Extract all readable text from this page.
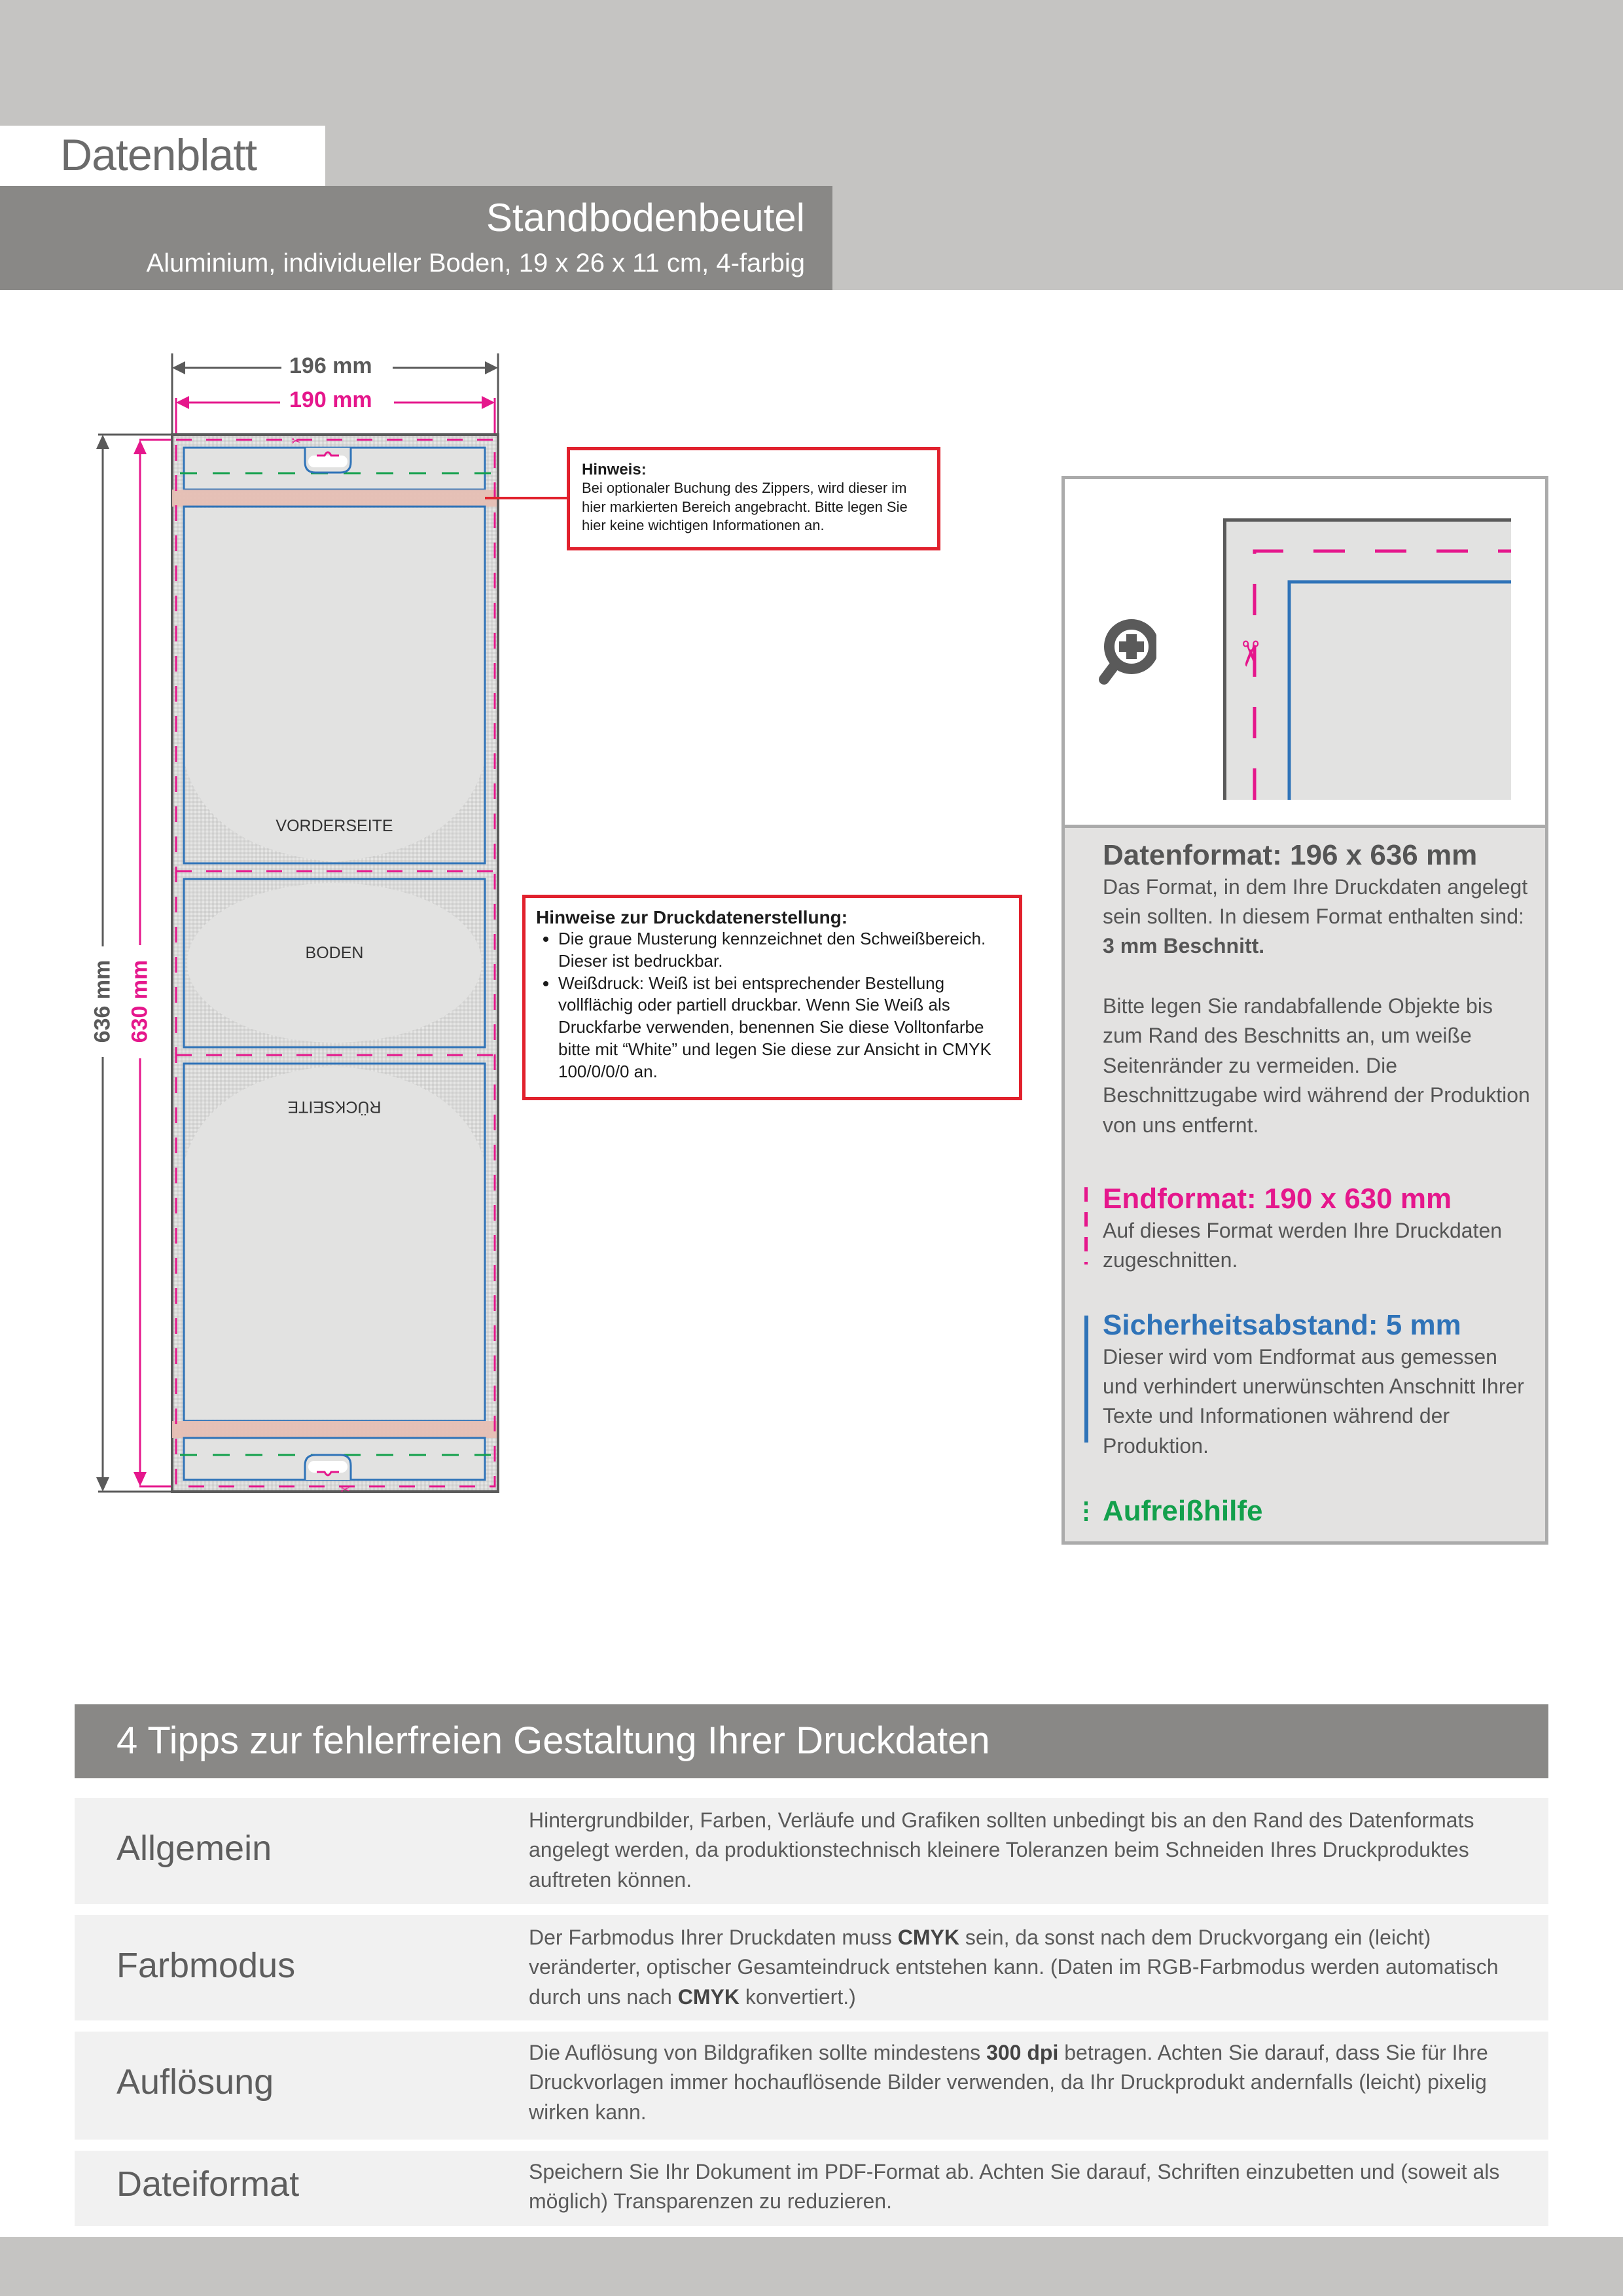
Datenblatt
Standbodenbeutel
Aluminium, individueller Boden, 19 x 26 x 11 cm, 4-farbig
✂
✂
196 mm
190 mm
636 mm 630 mm
VORDERSEITE
BODEN
RÜCKSEITE
Hinweis:

Bei optionaler Buchung des Zippers, wird dieser im hier markierten Bereich angebracht. Bitte legen Sie hier keine wichtigen Informationen an.

Hinweise zur Druckdatenerstellung:
• Die graue Musterung kennzeichnet den Schweißbereich. Dieser ist bedruckbar.
• Weißdruck: Weiß ist bei entsprechender Bestellung vollflächig oder partiell druckbar. Wenn Sie Weiß als Druckfarbe verwenden, benennen Sie diese Volltonfarbe bitte mit “White” und legen Sie diese zur Ansicht in CMYK 100/0/0/0 an.
✂
Datenformat: 196 x 636 mm

Das Format, in dem Ihre Druckdaten angelegt sein sollten. In diesem Format enthalten sind: 3 mm Beschnitt.

Bitte legen Sie randabfallende Objekte bis zum Rand des Beschnitts an, um weiße Seitenränder zu vermeiden. Die Beschnittzugabe wird während der Produktion von uns entfernt.

Endformat: 190 x 630 mm

Auf dieses Format werden Ihre Druckdaten zugeschnitten.

Sicherheitsabstand: 5 mm

Dieser wird vom Endformat aus gemessen und verhindert unerwünschten Anschnitt Ihrer Texte und Informationen während der Produktion.

Aufreißhilfe
4 Tipps zur fehlerfreien Gestaltung Ihrer Druckdaten
Allgemein
Hintergrundbilder, Farben, Verläufe und Grafiken sollten unbedingt bis an den Rand des Datenformats angelegt werden, da produktionstechnisch kleinere Toleranzen beim Schneiden Ihres Druckproduktes auftreten können.
Farbmodus
Der Farbmodus Ihrer Druckdaten muss CMYK sein, da sonst nach dem Druckvorgang ein (leicht) veränderter, optischer Gesamteindruck entstehen kann. (Daten im RGB-Farbmodus werden automatisch durch uns nach CMYK konvertiert.)
Auflösung
Die Auflösung von Bildgrafiken sollte mindestens 300 dpi betragen. Achten Sie darauf, dass Sie für Ihre Druckvorlagen immer hochauflösende Bilder verwenden, da Ihr Druckprodukt andernfalls (leicht) pixelig wirken kann.
Dateiformat	Speichern Sie Ihr Dokument im PDF-Format ab. Achten Sie darauf, Schriften einzubetten und (soweit als möglich) Transparenzen zu reduzieren.
